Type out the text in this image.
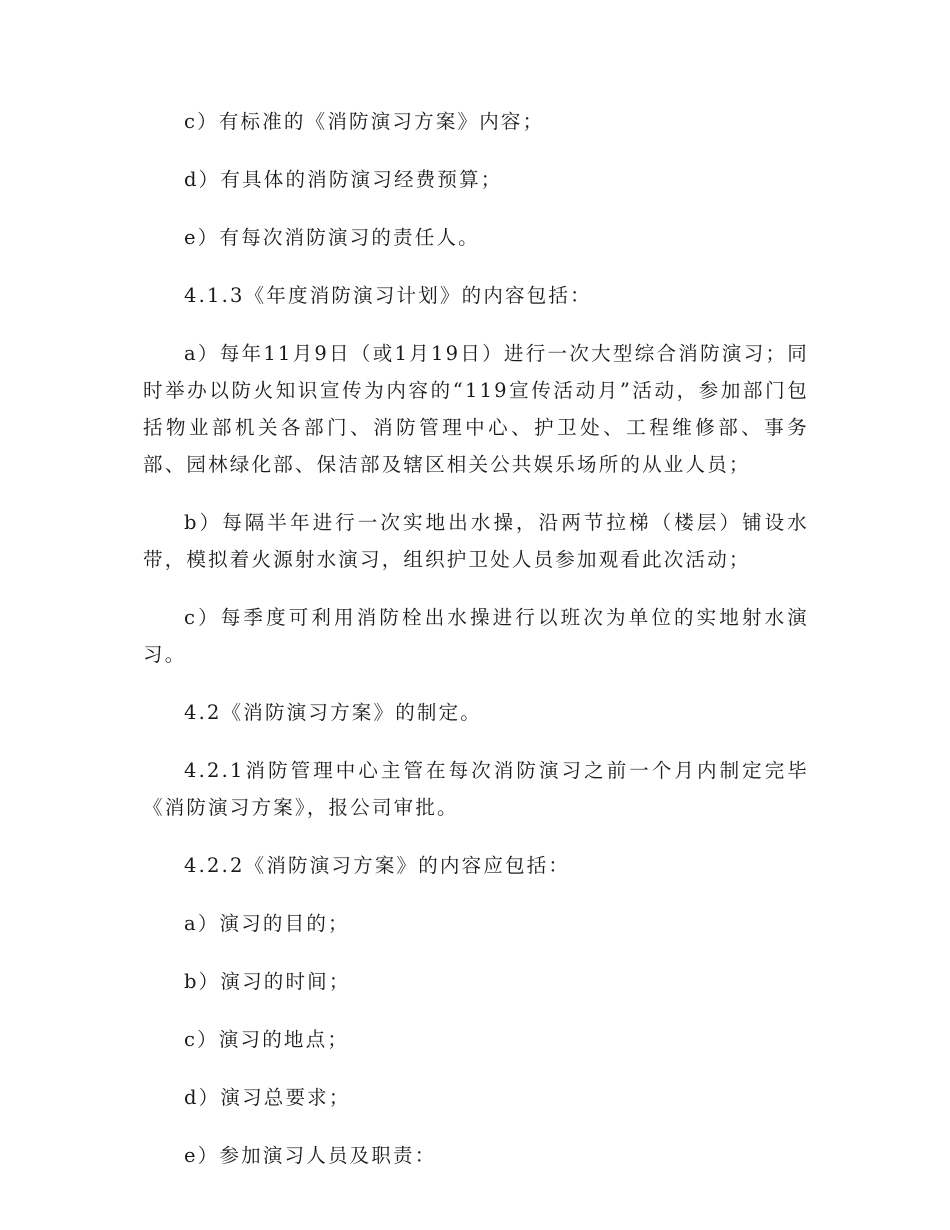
c）有标准的《消防演习方案》内容；

d）有具体的消防演习经费预算；

e）有每次消防演习的责任人。

4.1.3《年度消防演习计划》的内容包括：

a）每年11月9日（或1月19日）进行一次大型综合消防演习；同时举办以防火知识宣传为内容的“119宣传活动月”活动，参加部门包括物业部机关各部门、消防管理中心、护卫处、工程维修部、事务部、园林绿化部、保洁部及辖区相关公共娱乐场所的从业人员；

b）每隔半年进行一次实地出水操，沿两节拉梯（楼层）铺设水带，模拟着火源射水演习，组织护卫处人员参加观看此次活动；

c）每季度可利用消防栓出水操进行以班次为单位的实地射水演习。

4.2《消防演习方案》的制定。

4.2.1消防管理中心主管在每次消防演习之前一个月内制定完毕《消防演习方案》，报公司审批。

4.2.2《消防演习方案》的内容应包括：

a）演习的目的；

b）演习的时间；

c）演习的地点；

d）演习总要求；

e）参加演习人员及职责：
